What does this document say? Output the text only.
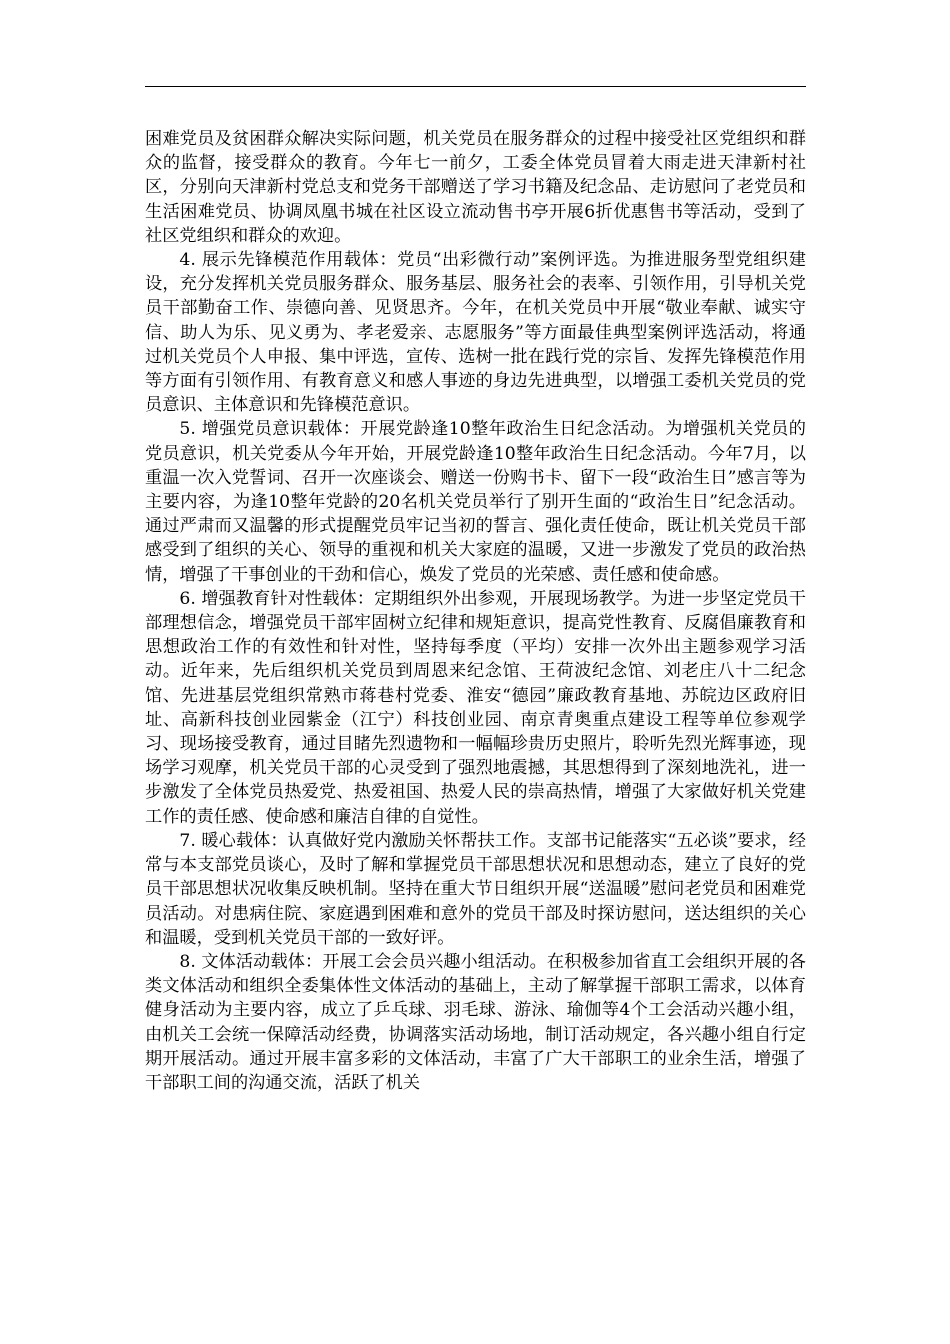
困难党员及贫困群众解决实际问题，机关党员在服务群众的过程中接受社区党组织和群众的监督，接受群众的教育。今年七一前夕，工委全体党员冒着大雨走进天津新村社区，分别向天津新村党总支和党务干部赠送了学习书籍及纪念品、走访慰问了老党员和生活困难党员、协调凤凰书城在社区设立流动售书亭开展6折优惠售书等活动，受到了社区党组织和群众的欢迎。

4. 展示先锋模范作用载体：党员“出彩微行动”案例评选。为推进服务型党组织建设，充分发挥机关党员服务群众、服务基层、服务社会的表率、引领作用，引导机关党员干部勤奋工作、崇德向善、见贤思齐。今年，在机关党员中开展“敬业奉献、诚实守信、助人为乐、见义勇为、孝老爱亲、志愿服务”等方面最佳典型案例评选活动，将通过机关党员个人申报、集中评选，宣传、选树一批在践行党的宗旨、发挥先锋模范作用等方面有引领作用、有教育意义和感人事迹的身边先进典型，以增强工委机关党员的党员意识、主体意识和先锋模范意识。

5. 增强党员意识载体：开展党龄逢10整年政治生日纪念活动。为增强机关党员的党员意识，机关党委从今年开始，开展党龄逢10整年政治生日纪念活动。今年7月，以重温一次入党誓词、召开一次座谈会、赠送一份购书卡、留下一段“政治生日”感言等为主要内容，为逢10整年党龄的20名机关党员举行了别开生面的“政治生日”纪念活动。通过严肃而又温馨的形式提醒党员牢记当初的誓言、强化责任使命，既让机关党员干部感受到了组织的关心、领导的重视和机关大家庭的温暖，又进一步激发了党员的政治热情，增强了干事创业的干劲和信心，焕发了党员的光荣感、责任感和使命感。

6. 增强教育针对性载体：定期组织外出参观，开展现场教学。为进一步坚定党员干部理想信念，增强党员干部牢固树立纪律和规矩意识，提高党性教育、反腐倡廉教育和思想政治工作的有效性和针对性，坚持每季度（平均）安排一次外出主题参观学习活动。近年来，先后组织机关党员到周恩来纪念馆、王荷波纪念馆、刘老庄八十二纪念馆、先进基层党组织常熟市蒋巷村党委、淮安“德园”廉政教育基地、苏皖边区政府旧址、高新科技创业园紫金（江宁）科技创业园、南京青奥重点建设工程等单位参观学习、现场接受教育，通过目睹先烈遗物和一幅幅珍贵历史照片，聆听先烈光辉事迹，现场学习观摩，机关党员干部的心灵受到了强烈地震撼，其思想得到了深刻地洗礼，进一步激发了全体党员热爱党、热爱祖国、热爱人民的崇高热情，增强了大家做好机关党建工作的责任感、使命感和廉洁自律的自觉性。

7. 暖心载体：认真做好党内激励关怀帮扶工作。支部书记能落实“五必谈”要求，经常与本支部党员谈心，及时了解和掌握党员干部思想状况和思想动态，建立了良好的党员干部思想状况收集反映机制。坚持在重大节日组织开展“送温暖”慰问老党员和困难党员活动。对患病住院、家庭遇到困难和意外的党员干部及时探访慰问，送达组织的关心和温暖，受到机关党员干部的一致好评。

8. 文体活动载体：开展工会会员兴趣小组活动。在积极参加省直工会组织开展的各类文体活动和组织全委集体性文体活动的基础上，主动了解掌握干部职工需求，以体育健身活动为主要内容，成立了乒乓球、羽毛球、游泳、瑜伽等4个工会活动兴趣小组，由机关工会统一保障活动经费，协调落实活动场地，制订活动规定，各兴趣小组自行定期开展活动。通过开展丰富多彩的文体活动，丰富了广大干部职工的业余生活，增强了干部职工间的沟通交流，活跃了机关
